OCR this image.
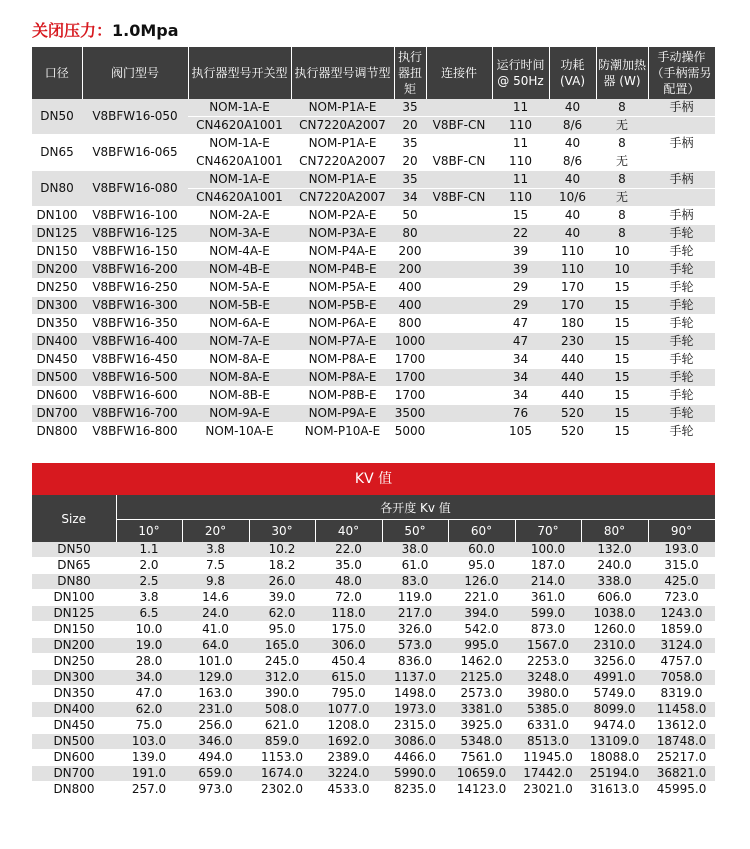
关闭压力：1.0Mpa
口径	阀门型号	执行器型号开关型	执行器型号调节型	执行器扭矩	连接件	运行时间 @ 50Hz	功耗 (VA)	防潮加热器 (W)	手动操作（手柄需另配置）
DN50	V8BFW16-050	NOM-1A-E	NOM-P1A-E	35		11	40	8	手柄
		CN4620A1001	CN7220A2007	20	V8BF-CN	110	8/6	无	
DN65	V8BFW16-065	NOM-1A-E	NOM-P1A-E	35		11	40	8	手柄
		CN4620A1001	CN7220A2007	20	V8BF-CN	110	8/6	无	
DN80	V8BFW16-080	NOM-1A-E	NOM-P1A-E	35		11	40	8	手柄
		CN4620A1001	CN7220A2007	34	V8BF-CN	110	10/6	无	
DN100	V8BFW16-100	NOM-2A-E	NOM-P2A-E	50		15	40	8	手柄
DN125	V8BFW16-125	NOM-3A-E	NOM-P3A-E	80		22	40	8	手轮
DN150	V8BFW16-150	NOM-4A-E	NOM-P4A-E	200		39	110	10	手轮
DN200	V8BFW16-200	NOM-4B-E	NOM-P4B-E	200		39	110	10	手轮
DN250	V8BFW16-250	NOM-5A-E	NOM-P5A-E	400		29	170	15	手轮
DN300	V8BFW16-300	NOM-5B-E	NOM-P5B-E	400		29	170	15	手轮
DN350	V8BFW16-350	NOM-6A-E	NOM-P6A-E	800		47	180	15	手轮
DN400	V8BFW16-400	NOM-7A-E	NOM-P7A-E	1000		47	230	15	手轮
DN450	V8BFW16-450	NOM-8A-E	NOM-P8A-E	1700		34	440	15	手轮
DN500	V8BFW16-500	NOM-8A-E	NOM-P8A-E	1700		34	440	15	手轮
DN600	V8BFW16-600	NOM-8B-E	NOM-P8B-E	1700		34	440	15	手轮
DN700	V8BFW16-700	NOM-9A-E	NOM-P9A-E	3500		76	520	15	手轮
DN800	V8BFW16-800	NOM-10A-E	NOM-P10A-E	5000		105	520	15	手轮
KV 值
Size	各开度 Kv 值								
	10°	20°	30°	40°	50°	60°	70°	80°	90°
DN50	1.1	3.8	10.2	22.0	38.0	60.0	100.0	132.0	193.0
DN65	2.0	7.5	18.2	35.0	61.0	95.0	187.0	240.0	315.0
DN80	2.5	9.8	26.0	48.0	83.0	126.0	214.0	338.0	425.0
DN100	3.8	14.6	39.0	72.0	119.0	221.0	361.0	606.0	723.0
DN125	6.5	24.0	62.0	118.0	217.0	394.0	599.0	1038.0	1243.0
DN150	10.0	41.0	95.0	175.0	326.0	542.0	873.0	1260.0	1859.0
DN200	19.0	64.0	165.0	306.0	573.0	995.0	1567.0	2310.0	3124.0
DN250	28.0	101.0	245.0	450.4	836.0	1462.0	2253.0	3256.0	4757.0
DN300	34.0	129.0	312.0	615.0	1137.0	2125.0	3248.0	4991.0	7058.0
DN350	47.0	163.0	390.0	795.0	1498.0	2573.0	3980.0	5749.0	8319.0
DN400	62.0	231.0	508.0	1077.0	1973.0	3381.0	5385.0	8099.0	11458.0
DN450	75.0	256.0	621.0	1208.0	2315.0	3925.0	6331.0	9474.0	13612.0
DN500	103.0	346.0	859.0	1692.0	3086.0	5348.0	8513.0	13109.0	18748.0
DN600	139.0	494.0	1153.0	2389.0	4466.0	7561.0	11945.0	18088.0	25217.0
DN700	191.0	659.0	1674.0	3224.0	5990.0	10659.0	17442.0	25194.0	36821.0
DN800	257.0	973.0	2302.0	4533.0	8235.0	14123.0	23021.0	31613.0	45995.0
